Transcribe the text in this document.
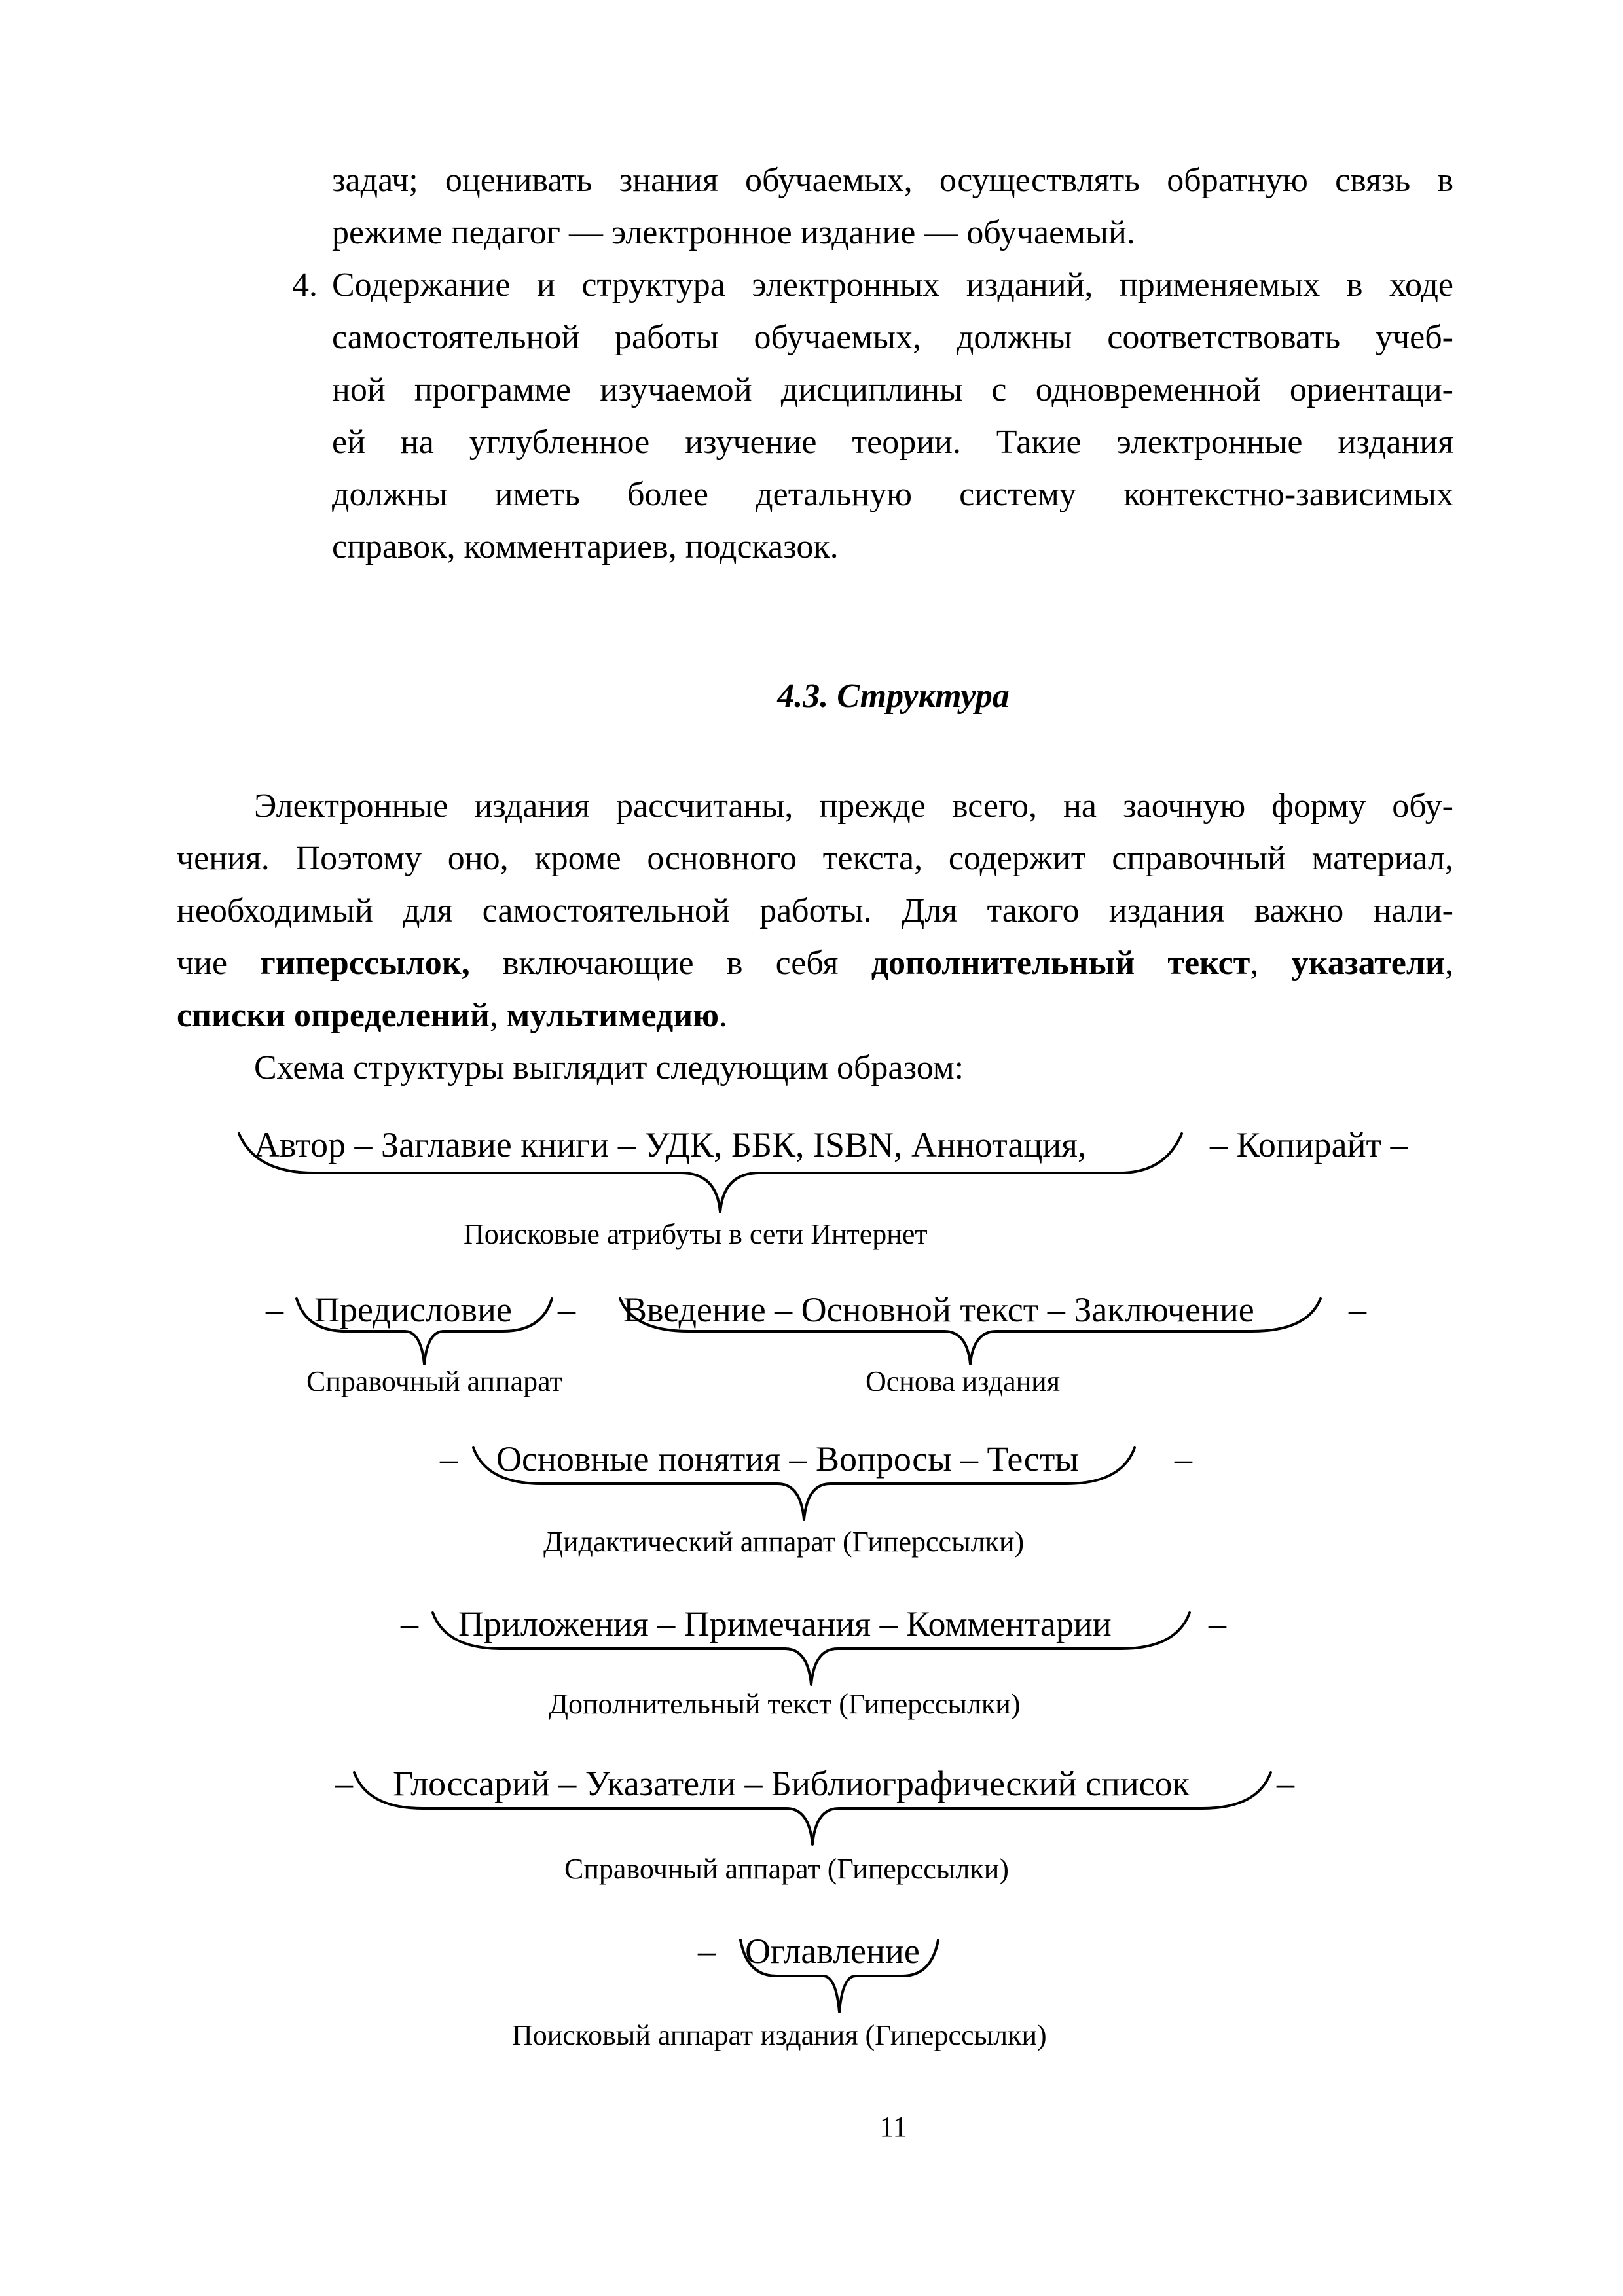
задач; оценивать знания обучаемых, осуществлять обратную связь в
режиме педагог — электронное издание — обучаемый.
4. Содержание и структура электронных изданий, применяемых в ходе
самостоятельной работы обучаемых, должны соответствовать учеб-
ной программе изучаемой дисциплины с одновременной ориентаци-
ей на углубленное изучение теории. Такие электронные издания
должны иметь более детальную систему контекстно-зависимых
справок, комментариев, подсказок.
4.3. Структура
Электронные издания рассчитаны, прежде всего, на заочную форму обу-
чения. Поэтому оно, кроме основного текста, содержит справочный материал,
необходимый для самостоятельной работы. Для такого издания важно нали-
чие гиперссылок, включающие в себя дополнительный текст, указатели,
списки определений, мультимедию.
Схема структуры выглядит следующим образом:
Автор – Заглавие книги – УДК, ББК, ISBN, Аннотация,	– Копирайт –
Поисковые атрибуты в сети Интернет
– Предисловие – Введение – Основной текст – Заключение	–
Справочный аппарат	Основа издания
– Основные понятия – Вопросы – Тесты	–
Дидактический аппарат (Гиперссылки)
– Приложения – Примечания – Комментарии	–
Дополнительный текст (Гиперссылки)
– Глоссарий – Указатели – Библиографический список –
Справочный аппарат (Гиперссылки)
– Оглавление
Поисковый аппарат издания (Гиперссылки)
11
